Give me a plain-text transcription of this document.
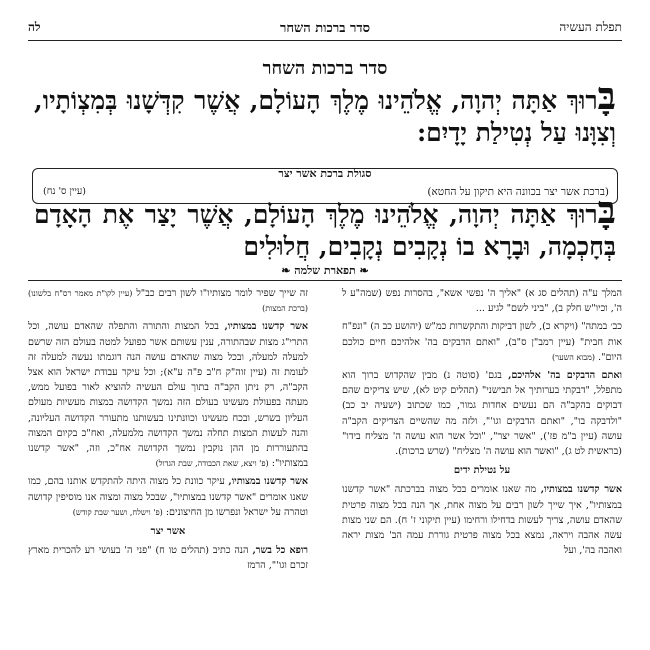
תפלת העשיה
סדר ברכות השחר
לה
סדר ברכות השחר
בָּרוּךְ אַתָּה יְהוָה, אֱלֹהֵינוּ מֶלֶךְ הָעוֹלָם, אֲשֶׁר קִדְּשָׁנוּ בְּמִצְוֹתָיו, וְצִוָּנוּ עַל נְטִילַת יָדָיִם:
סגולת ברכת אשר יצר
(ברכת אשר יצר בכוונה היא תיקון על החטא)
(עיין ס' נח)	בָּרוּךְ אַתָּה יְהוָה, אֱלֹהֵינוּ מֶלֶךְ הָעוֹלָם, אֲשֶׁר יָצַר אֶת הָאָדָם בְּחָכְמָה, וּבָרָא בוֹ נְקָבִים נְקָבִים, חֲלוּלִים
❧ תפארת שלמה ❧

המלך ע"ה (תהלים סג א) "אליך ה' נפשי אשא", בהסרות נפש (שמה"ע ל ה', וכיו"ש חלק ב), "ביני לשם" לגיע ...

כב׳ במתה" (ויקרא כ), לשון דביקות והתקשרות כמ"ש (יהושע כב ה) "ונפ"ח אות חבית" (עיין רמב"ן ס"ב), "ואתם הדבקים בה' אלהיכם חיים כולכם היום". (מבוא השער)

ואתם הדבקים בה' אלהיכם, בגם' (סוטה נ) מבין שהקדוש ברוך הוא מתפלל, "דבקתי בערותיך אל תבישני" (תהלים קיט לא), שיש צדיקים שהם דבוקים בהקב"ה הם נעשים אחדות גמור, כמו שכתוב (ישעיה יב כב) "ולדבקה בו", "ואתם הדבקים וגו'", ולזה מה שהשיים הצדיקים הקב"ה עושה (עיין ב"מ פז'), "אשר יצר", "וכל אשר הוא עושה ה' מצליח בידו" (בראשית לט ג), "ואשר הוא עושה ה' מצליח" (שרש ברכות).

על נטילת ידים

אשר קדשנו במצותיו, מה שאנו אומרים בכל מצוה בברכתה "אשר קדשנו במצותיו", איך שייך לשון רבים על מצוה אחת, אך הנה בכל מצוה פרטית שהאדם עושה, צריך לעשות בדחילו ורחימו (עיין תיקוני ז' ח). הם שני מצות עשה אהבה ויראה, נמצא בכל מצוה פרטית גוררת עמה הב' מצות יראה ואהבה בה', ועל

זה שייך שפיר לומר מצותיו"ו לשון רבים כב"ל (עיין לקו"ת מאמר רס"ח בלשונו) (ברכת המצות)

אשר קדשנו במצותיו, בכל המצות והתורה והתפלה שהאדם עושה, וכל התרי"ג מצות שבהתורה, ענין עשותם אשר כפועל למטה בעולם הזה שרשם למעלה למעלה, ובכל מצוה שהאדם עושה הנה דוגמתו נעשה למעלה זה לעומת זה (עיין זוה"ק ח"ב פ"ה ע"א); וכל עיקר עבודת ישראל הוא אצל הקב"ה, רק ניתן הקב"ה בתוך עולם העשיה להוציא לאור בפועל ממש, מעתה בפעולת מעשינו בעולם הזה נמשך הקדושה במצות מעשיות מעולם העליון בשרש, ובכח מעשינו וכוונתינו בעשותנו מתעורר הקדושה העליונה, והנה לעשות המצות תחלה נמשך הקדושה מלמעלה, ואח"כ בקיום המצוה בהתעוררות מן ההן נוקבין נמשך הקדושה אח"כ, וזה, "אשר קדשנו במצותיו": (פ' ויצא, שאת הכבודה, שבת הגדול)

אשר קדשנו במצותיו, עיקר כוונת כל מצוה היתה להתקדש אותנו בהם, כמו שאנו אומרים "אשר קדשנו במצותיו", שבכל מצוה ומצוה אנו מוסיפין קדושה וטהרה על ישראל ונפרשו מן החיצונים: (פ' וישלח, ושער שבת קודש)

אשר יצר

רופא כל בשר, הנה כתיב (תהלים טו ח) "פני ה' בעושי רע להכרית מארץ זכרם וגו'", הרמז
